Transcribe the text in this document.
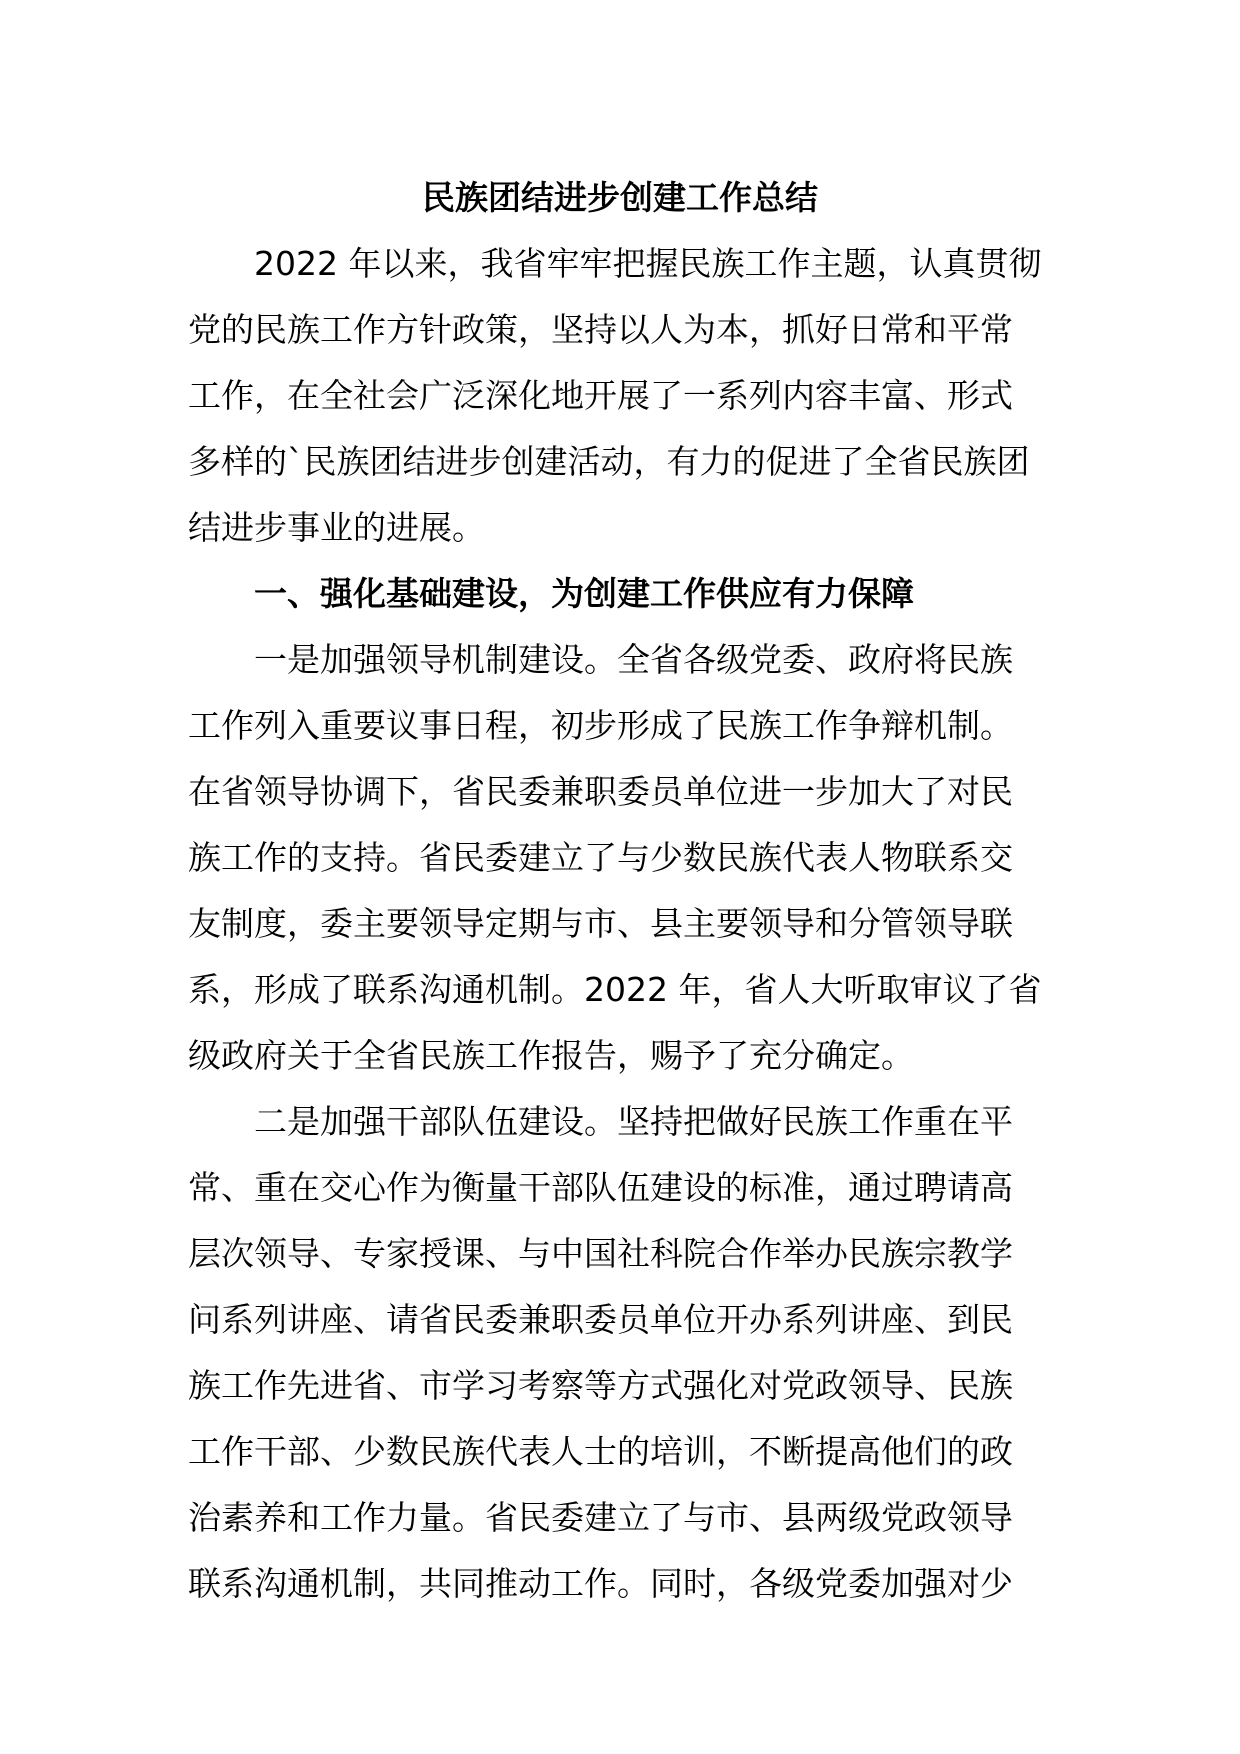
民族团结进步创建工作总结
2022 年以来，我省牢牢把握民族工作主题，认真贯彻
党的民族工作方针政策，坚持以人为本，抓好日常和平常
工作，在全社会广泛深化地开展了一系列内容丰富、形式
多样的`民族团结进步创建活动，有力的促进了全省民族团
结进步事业的进展。
一、强化基础建设，为创建工作供应有力保障
一是加强领导机制建设。全省各级党委、政府将民族
工作列入重要议事日程，初步形成了民族工作争辩机制。
在省领导协调下，省民委兼职委员单位进一步加大了对民
族工作的支持。省民委建立了与少数民族代表人物联系交
友制度，委主要领导定期与市、县主要领导和分管领导联
系，形成了联系沟通机制。2022 年，省人大听取审议了省
级政府关于全省民族工作报告，赐予了充分确定。
二是加强干部队伍建设。坚持把做好民族工作重在平
常、重在交心作为衡量干部队伍建设的标准，通过聘请高
层次领导、专家授课、与中国社科院合作举办民族宗教学
问系列讲座、请省民委兼职委员单位开办系列讲座、到民
族工作先进省、市学习考察等方式强化对党政领导、民族
工作干部、少数民族代表人士的培训，不断提高他们的政
治素养和工作力量。省民委建立了与市、县两级党政领导
联系沟通机制，共同推动工作。同时，各级党委加强对少
